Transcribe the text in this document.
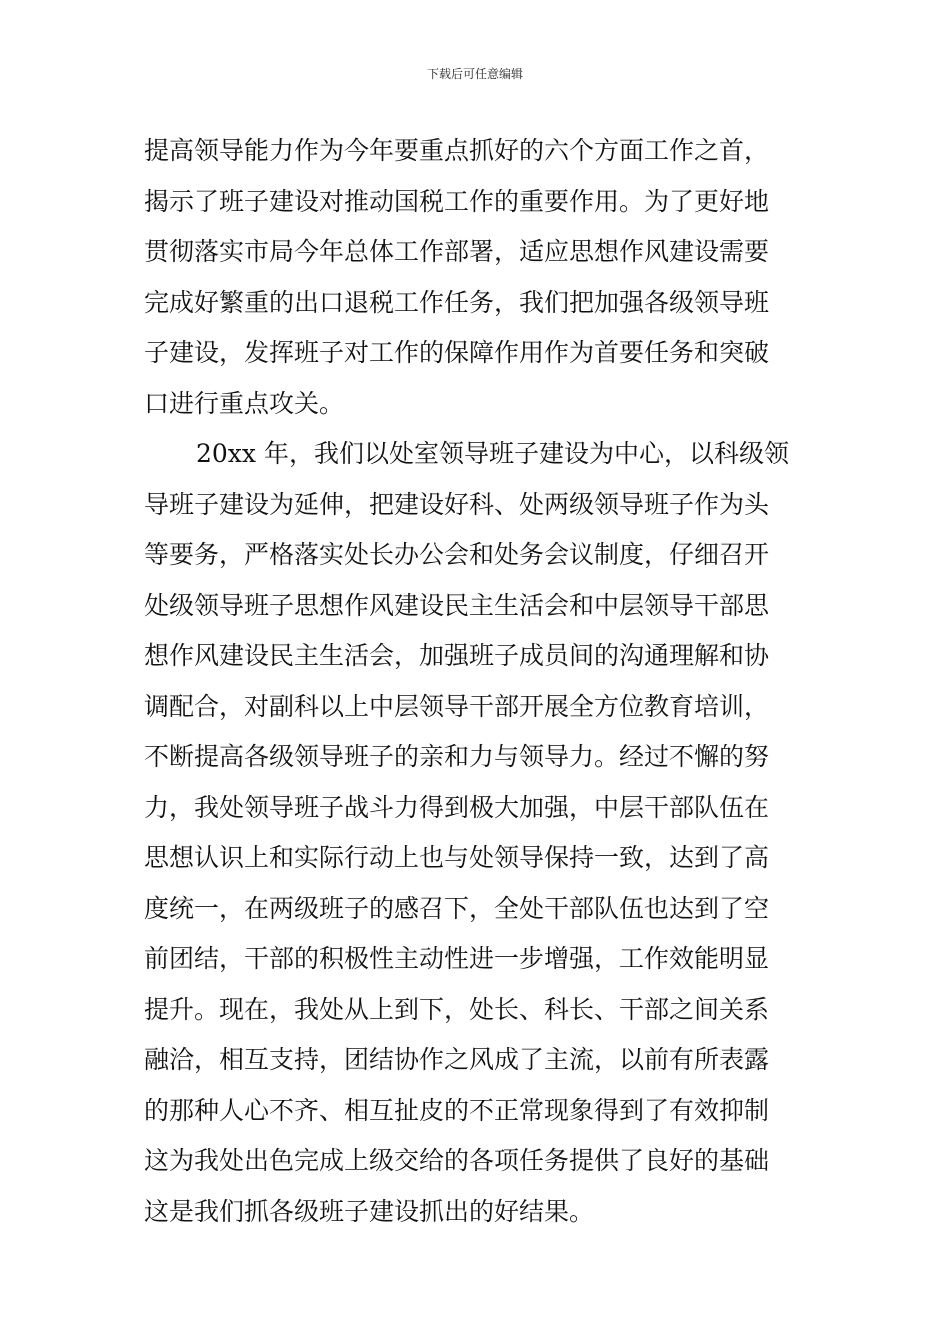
下载后可任意编辑
提高领导能力作为今年要重点抓好的六个方面工作之首，
揭示了班子建设对推动国税工作的重要作用。为了更好地
贯彻落实市局今年总体工作部署，适应思想作风建设需要
完成好繁重的出口退税工作任务，我们把加强各级领导班
子建设，发挥班子对工作的保障作用作为首要任务和突破
口进行重点攻关。
20xx 年，我们以处室领导班子建设为中心，以科级领
导班子建设为延伸，把建设好科、处两级领导班子作为头
等要务，严格落实处长办公会和处务会议制度，仔细召开
处级领导班子思想作风建设民主生活会和中层领导干部思
想作风建设民主生活会，加强班子成员间的沟通理解和协
调配合，对副科以上中层领导干部开展全方位教育培训，
不断提高各级领导班子的亲和力与领导力。经过不懈的努
力，我处领导班子战斗力得到极大加强，中层干部队伍在
思想认识上和实际行动上也与处领导保持一致，达到了高
度统一，在两级班子的感召下，全处干部队伍也达到了空
前团结，干部的积极性主动性进一步增强，工作效能明显
提升。现在，我处从上到下，处长、科长、干部之间关系
融洽，相互支持，团结协作之风成了主流，以前有所表露
的那种人心不齐、相互扯皮的不正常现象得到了有效抑制
这为我处出色完成上级交给的各项任务提供了良好的基础
这是我们抓各级班子建设抓出的好结果。
